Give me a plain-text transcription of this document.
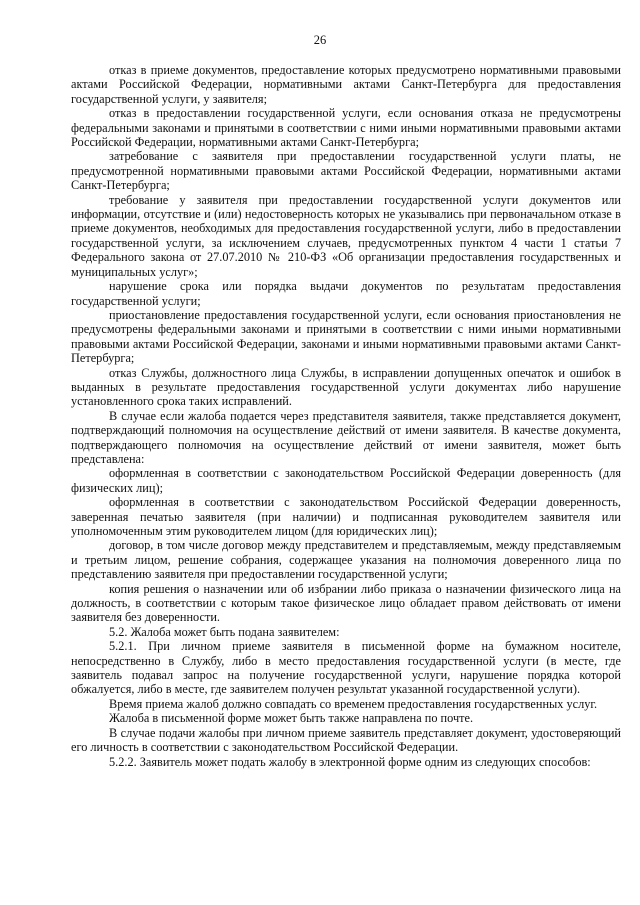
26

отказ в приеме документов, предоставление которых предусмотрено нормативными правовыми актами Российской Федерации, нормативными актами Санкт-Петербурга для предоставления государственной услуги, у заявителя;

отказ в предоставлении государственной услуги, если основания отказа не предусмотрены федеральными законами и принятыми в соответствии с ними иными нормативными правовыми актами Российской Федерации, нормативными актами Санкт-Петербурга;

затребование с заявителя при предоставлении государственной услуги платы, не предусмотренной нормативными правовыми актами Российской Федерации, нормативными актами Санкт-Петербурга;

требование у заявителя при предоставлении государственной услуги документов или информации, отсутствие и (или) недостоверность которых не указывались при первоначальном отказе в приеме документов, необходимых для предоставления государственной услуги, либо в предоставлении государственной услуги, за исключением случаев, предусмотренных пунктом 4 части 1 статьи 7 Федерального закона от 27.07.2010 № 210-ФЗ «Об организации предоставления государственных и муниципальных услуг»;

нарушение срока или порядка выдачи документов по результатам предоставления государственной услуги;

приостановление предоставления государственной услуги, если основания приостановления не предусмотрены федеральными законами и принятыми в соответствии с ними иными нормативными правовыми актами Российской Федерации, законами и иными нормативными правовыми актами Санкт-Петербурга;

отказ Службы, должностного лица Службы, в исправлении допущенных опечаток и ошибок в выданных в результате предоставления государственной услуги документах либо нарушение установленного срока таких исправлений.

В случае если жалоба подается через представителя заявителя, также представляется документ, подтверждающий полномочия на осуществление действий от имени заявителя. В качестве документа, подтверждающего полномочия на осуществление действий от имени заявителя, может быть представлена:

оформленная в соответствии с законодательством Российской Федерации доверенность (для физических лиц);

оформленная в соответствии с законодательством Российской Федерации доверенность, заверенная печатью заявителя (при наличии) и подписанная руководителем заявителя или уполномоченным этим руководителем лицом (для юридических лиц);

договор, в том числе договор между представителем и представляемым, между представляемым и третьим лицом, решение собрания, содержащее указания на полномочия доверенного лица по представлению заявителя при предоставлении государственной услуги;

копия решения о назначении или об избрании либо приказа о назначении физического лица на должность, в соответствии с которым такое физическое лицо обладает правом действовать от имени заявителя без доверенности.

5.2. Жалоба может быть подана заявителем:

5.2.1. При личном приеме заявителя в письменной форме на бумажном носителе, непосредственно в Службу, либо в место предоставления государственной услуги (в месте, где заявитель подавал запрос на получение государственной услуги, нарушение порядка которой обжалуется, либо в месте, где заявителем получен результат указанной государственной услуги).

Время приема жалоб должно совпадать со временем предоставления государственных услуг.

Жалоба в письменной форме может быть также направлена по почте.

В случае подачи жалобы при личном приеме заявитель представляет документ, удостоверяющий его личность в соответствии с законодательством Российской Федерации.

5.2.2. Заявитель может подать жалобу в электронной форме одним из следующих способов:
